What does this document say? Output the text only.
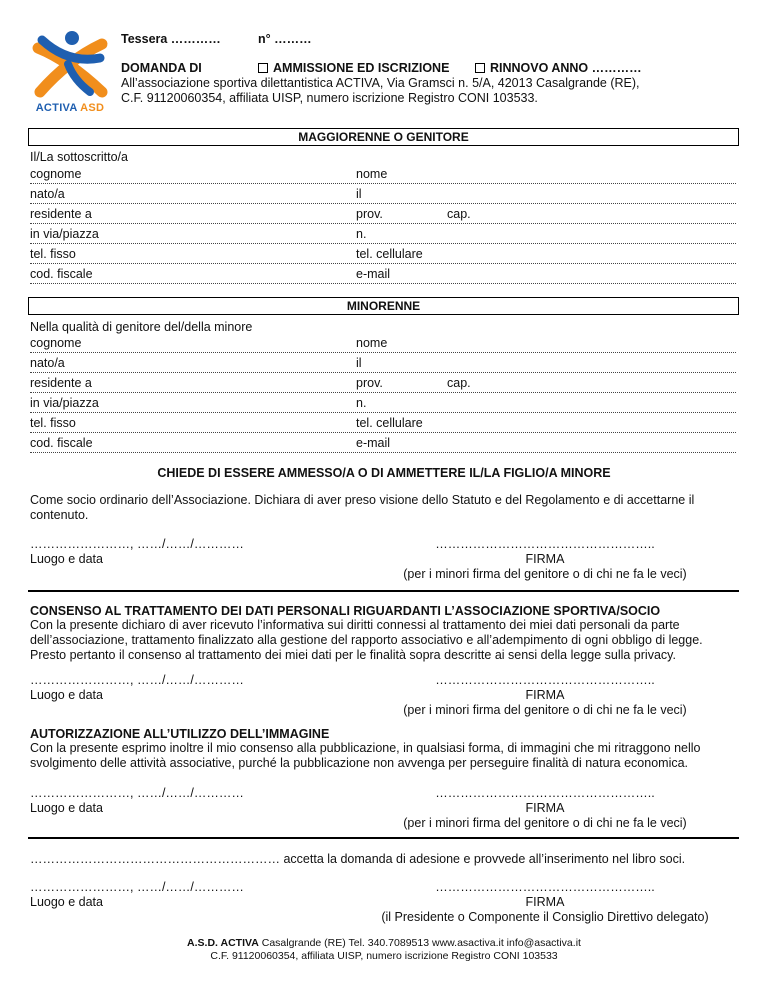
ACTIVA ASD
Tessera …………	n° ………
DOMANDA DI	AMMISSIONE ED ISCRIZIONE	RINNOVO ANNO …………
All’associazione sportiva dilettantistica ACTIVA, Via Gramsci n. 5/A, 42013 Casalgrande (RE),
C.F. 91120060354, affiliata UISP, numero iscrizione Registro CONI 103533.
MAGGIORENNE O GENITORE
Il/La sottoscritto/a
cognome	nome
nato/a	il
residente a	prov.	cap.
in via/piazza	n.
tel. fisso	tel. cellulare
cod. fiscale	e-mail
MINORENNE
Nella qualità di genitore del/della minore
cognome	nome
nato/a	il
residente a	prov.	cap.
in via/piazza	n.
tel. fisso	tel. cellulare
cod. fiscale	e-mail
CHIEDE DI ESSERE AMMESSO/A O DI AMMETTERE IL/LA FIGLIO/A MINORE
Come socio ordinario dell’Associazione. Dichiara di aver preso visione dello Statuto e del Regolamento e di accettarne il
contenuto.
……………………, ……/……/…………
Luogo e data
……………………………………………..
FIRMA
(per i minori firma del genitore o di chi ne fa le veci)
CONSENSO AL TRATTAMENTO DEI DATI PERSONALI RIGUARDANTI L’ASSOCIAZIONE SPORTIVA/SOCIO
Con la presente dichiaro di aver ricevuto l’informativa sui diritti connessi al trattamento dei miei dati personali da parte
dell’associazione, trattamento finalizzato alla gestione del rapporto associativo e all’adempimento di ogni obbligo di legge.
Presto pertanto il consenso al trattamento dei miei dati per le finalità sopra descritte ai sensi della legge sulla privacy.
……………………, ……/……/…………
Luogo e data
……………………………………………..
FIRMA
(per i minori firma del genitore o di chi ne fa le veci)
AUTORIZZAZIONE ALL’UTILIZZO DELL’IMMAGINE
Con la presente esprimo inoltre il mio consenso alla pubblicazione, in qualsiasi forma, di immagini che mi ritraggono nello
svolgimento delle attività associative, purché la pubblicazione non avvenga per perseguire finalità di natura economica.
……………………, ……/……/…………
Luogo e data
……………………………………………..
FIRMA
(per i minori firma del genitore o di chi ne fa le veci)
…………………………………………………… accetta la domanda di adesione e provvede all’inserimento nel libro soci.
……………………, ……/……/…………
Luogo e data
……………………………………………..
FIRMA
(il Presidente o Componente il Consiglio Direttivo delegato)
A.S.D. ACTIVA Casalgrande (RE) Tel. 340.7089513 www.asactiva.it info@asactiva.it
C.F. 91120060354, affiliata UISP, numero iscrizione Registro CONI 103533
